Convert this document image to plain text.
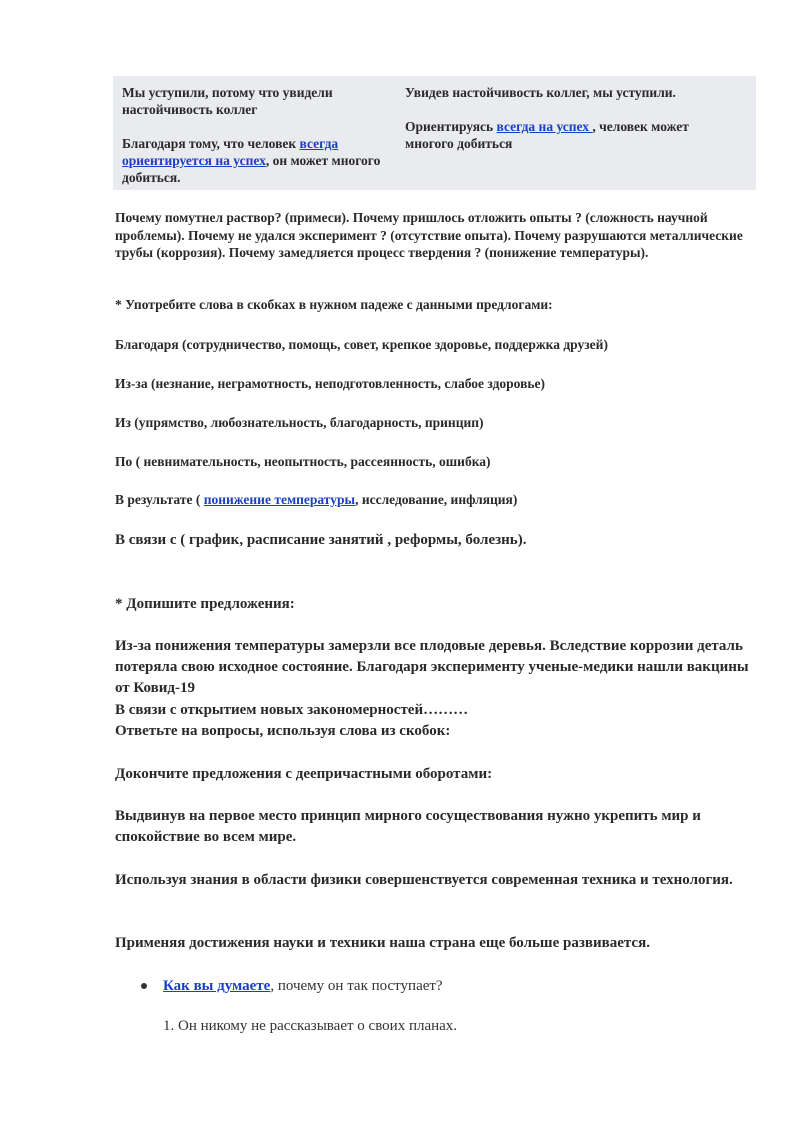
Мы уступили, потому что увидели настойчивость коллег

Благодаря тому, что человек всегда ориентируется на успех, он может многого добиться.

Увидев настойчивость коллег, мы уступили.

Ориентируясь всегда на успех , человек может многого добиться

Почему помутнел раствор? (примеси). Почему пришлось отложить опыты ? (сложность научной проблемы). Почему не удался эксперимент ? (отсутствие опыта). Почему разрушаются металлические трубы (коррозия). Почему замедляется процесс твердения ? (понижение температуры).
* Употребите слова в скобках в нужном падеже с данными предлогами:
Благодаря (сотрудничество, помощь, совет, крепкое здоровье, поддержка друзей)
Из-за (незнание, неграмотность, неподготовленность, слабое здоровье)
Из (упрямство, любознательность, благодарность, принцип)
По ( невнимательность, неопытность, рассеянность, ошибка)
В результате ( понижение температуры, исследование, инфляция)
В связи с ( график, расписание занятий , реформы, болезнь).
* Допишите предложения:
Из-за понижения температуры замерзли все плодовые деревья. Вследствие коррозии деталь потеряла свою исходное состояние. Благодаря эксперименту ученые-медики нашли вакцины от Ковид-19
В связи с открытием новых закономерностей………
Ответьте на вопросы, используя слова из скобок:
Докончите предложения с деепричастными оборотами:
Выдвинув на первое место принцип мирного сосуществования нужно укрепить мир и спокойствие во всем мире.
Используя знания в области физики совершенствуется современная техника и технология.
Применяя достижения науки и техники наша страна еще больше развивается.
Как вы думаете, почему он так поступает?
1. Он никому не рассказывает о своих планах.
